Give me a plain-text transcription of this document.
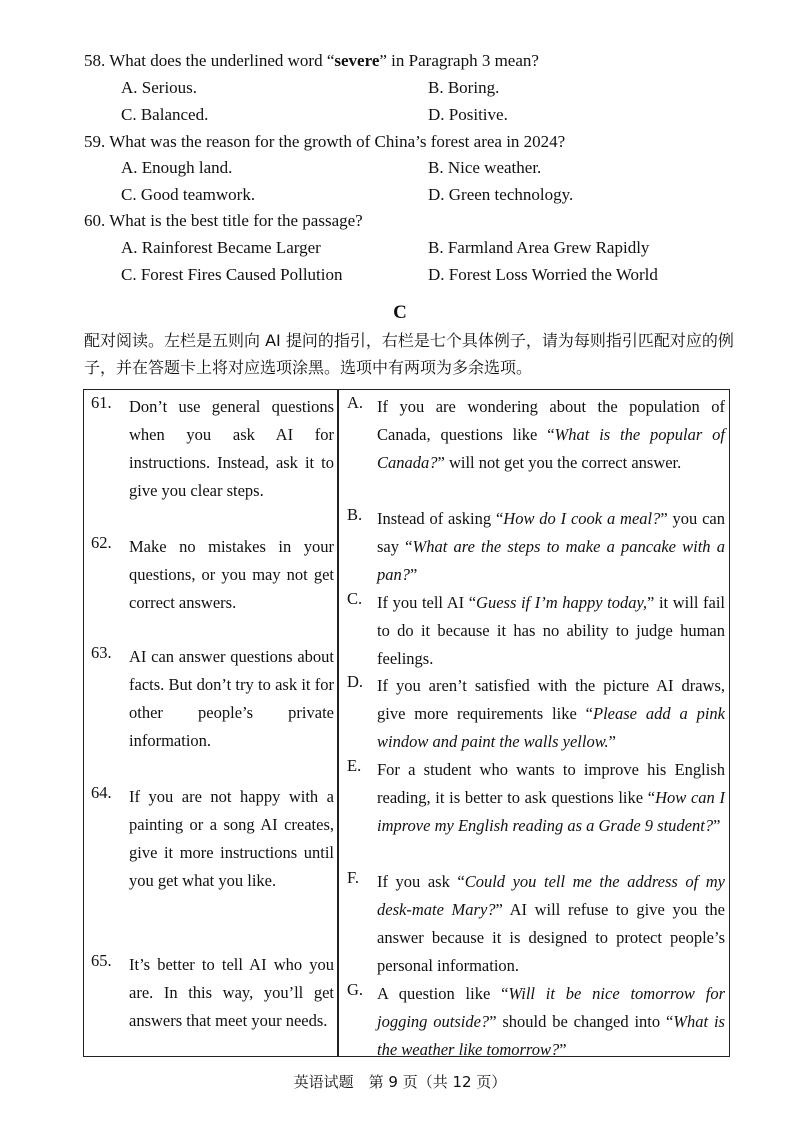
58. What does the underlined word “severe” in Paragraph 3 mean?
A. Serious.	B. Boring.
C. Balanced.	D. Positive.
59. What was the reason for the growth of China’s forest area in 2024?
A. Enough land.	B. Nice weather.
C. Good teamwork.	D. Green technology.
60. What is the best title for the passage?
A. Rainforest Became Larger	B. Farmland Area Grew Rapidly
C. Forest Fires Caused Pollution	D. Forest Loss Worried the World
C
配对阅读。左栏是五则向 AI 提问的指引，右栏是七个具体例子，请为每则指引匹配对应的例子，并在答题卡上将对应选项涂黑。选项中有两项为多余选项。
61.	Don’t use general questions when you ask AI for instructions. Instead, ask it to give you clear steps.
62.	Make no mistakes in your questions, or you may not get correct answers.
63.	AI can answer questions about facts. But don’t try to ask it for other people’s private information.
64.	If you are not happy with a painting or a song AI creates, give it more instructions until you get what you like.
65.	It’s better to tell AI who you are. In this way, you’ll get answers that meet your needs.
A. If you are wondering about the population of Canada, questions like “What is the popular of Canada?” will not get you the correct answer.
B. Instead of asking “How do I cook a meal?” you can say “What are the steps to make a pancake with a pan?”
C. If you tell AI “Guess if I’m happy today,” it will fail to do it because it has no ability to judge human feelings.
D. If you aren’t satisfied with the picture AI draws, give more requirements like “Please add a pink window and paint the walls yellow.”
E. For a student who wants to improve his English reading, it is better to ask questions like “How can I improve my English reading as a Grade 9 student?”
F.	If you ask “Could you tell me the address of my desk-mate Mary?” AI will refuse to give you the answer because it is designed to protect people’s personal information.
G. A question like “Will it be nice tomorrow for jogging outside?” should be changed into “What is the weather like tomorrow?”
英语试题　第 9 页（共 12 页）
